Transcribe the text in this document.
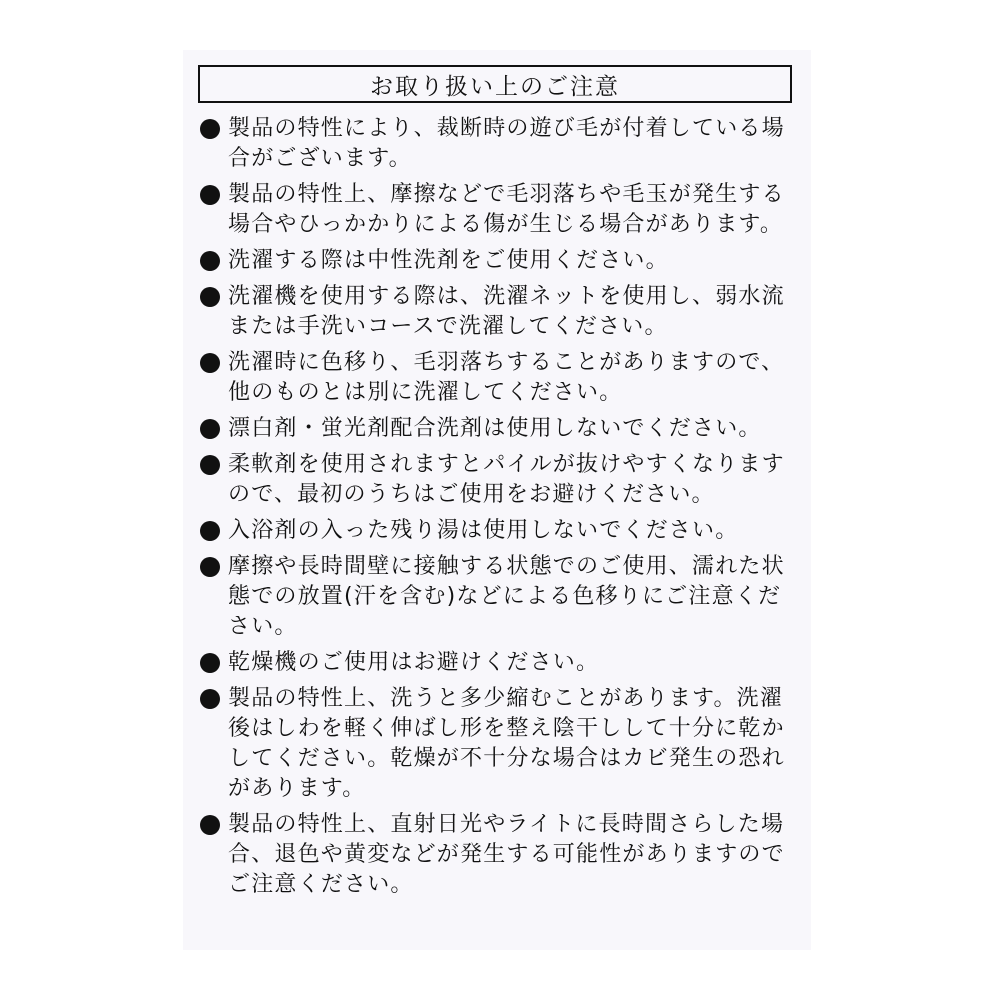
お取り扱い上のご注意
製品の特性により、裁断時の遊び毛が付着している場合がございます。
製品の特性上、摩擦などで毛羽落ちや毛玉が発生する場合やひっかかりによる傷が生じる場合があります。
洗濯する際は中性洗剤をご使用ください。
洗濯機を使用する際は、洗濯ネットを使用し、弱水流または手洗いコースで洗濯してください。
洗濯時に色移り、毛羽落ちすることがありますので、他のものとは別に洗濯してください。
漂白剤・蛍光剤配合洗剤は使用しないでください。
柔軟剤を使用されますとパイルが抜けやすくなりますので、最初のうちはご使用をお避けください。
入浴剤の入った残り湯は使用しないでください。
摩擦や長時間壁に接触する状態でのご使用、濡れた状態での放置(汗を含む)などによる色移りにご注意ください。
乾燥機のご使用はお避けください。
製品の特性上、洗うと多少縮むことがあります。洗濯後はしわを軽く伸ばし形を整え陰干しして十分に乾かしてください。乾燥が不十分な場合はカビ発生の恐れがあります。
製品の特性上、直射日光やライトに長時間さらした場合、退色や黄変などが発生する可能性がありますのでご注意ください。
